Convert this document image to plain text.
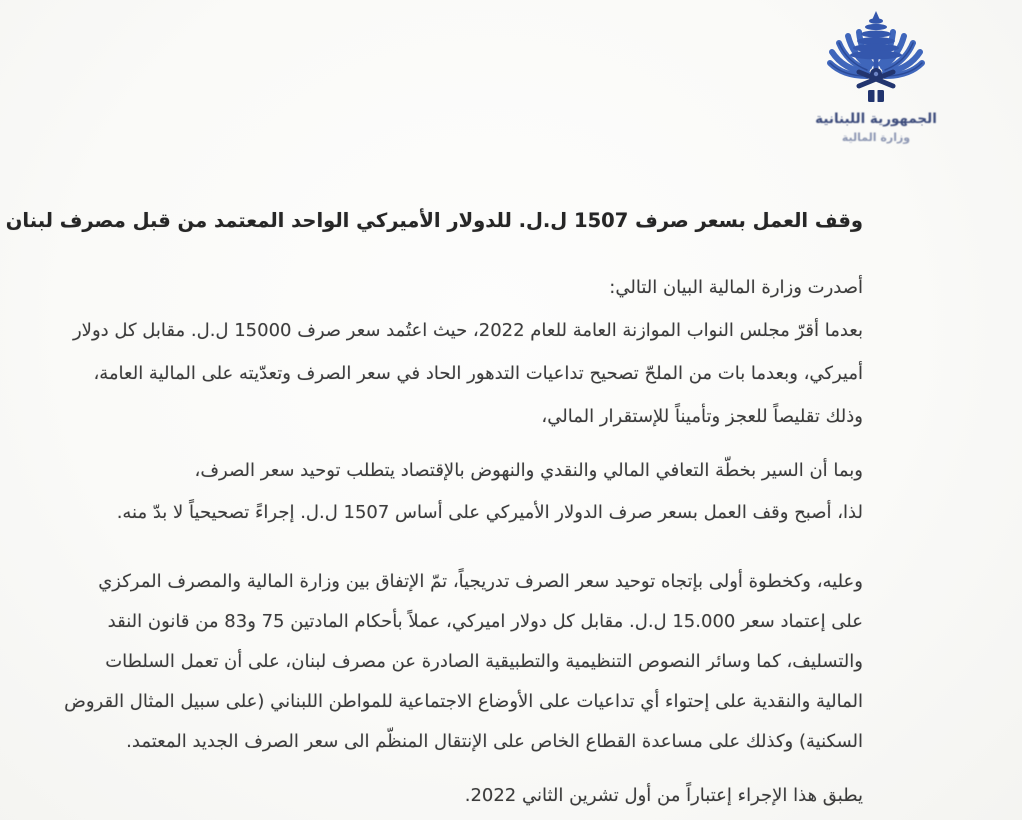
الجمهورية اللبنانية
وزارة المالية
وقف العمل بسعر صرف 1507 ل.ل. للدولار الأميركي الواحد المعتمد من قبل مصرف لبنان
أصدرت وزارة المالية البيان التالي:
بعدما أقرّ مجلس النواب الموازنة العامة للعام 2022، حيث اعتُمد سعر صرف 15000 ل.ل. مقابل كل دولار
أميركي، وبعدما بات من الملحّ تصحيح تداعيات التدهور الحاد في سعر الصرف وتعدّيته على المالية العامة،
وذلك تقليصاً للعجز وتأميناً للإستقرار المالي،
وبما أن السير بخطّة التعافي المالي والنقدي والنهوض بالإقتصاد يتطلب توحيد سعر الصرف،
لذا، أصبح وقف العمل بسعر صرف الدولار الأميركي على أساس 1507 ل.ل. إجراءً تصحيحياً لا بدّ منه.
وعليه، وكخطوة أولى بإتجاه توحيد سعر الصرف تدريجياً، تمّ الإتفاق بين وزارة المالية والمصرف المركزي
على إعتماد سعر 15.000 ل.ل. مقابل كل دولار اميركي، عملاً بأحكام المادتين 75 و83 من قانون النقد
والتسليف، كما وسائر النصوص التنظيمية والتطبيقية الصادرة عن مصرف لبنان، على أن تعمل السلطات
المالية والنقدية على إحتواء أي تداعيات على الأوضاع الاجتماعية للمواطن اللبناني (على سبيل المثال القروض
السكنية) وكذلك على مساعدة القطاع الخاص على الإنتقال المنظّم الى سعر الصرف الجديد المعتمد.
يطبق هذا الإجراء إعتباراً من أول تشرين الثاني 2022.
